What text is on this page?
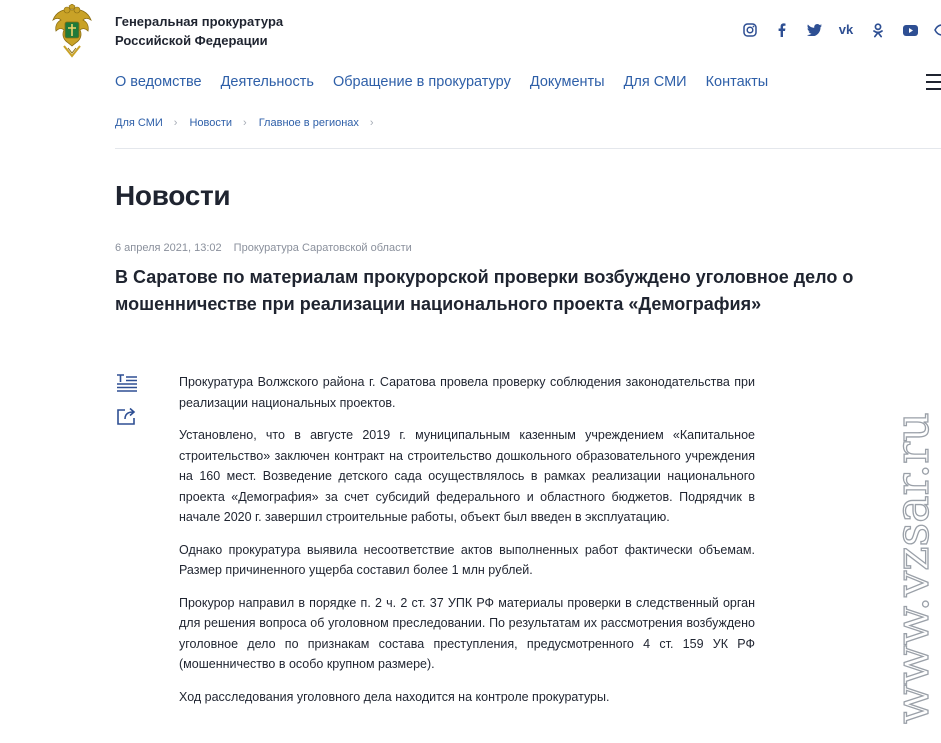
Генеральная прокуратура
Российской Федерации
vk
О ведомстве Деятельность Обращение в прокуратуру Документы Для СМИ Контакты
Для СМИ › Новости › Главное в регионах ›
Новости
6 апреля 2021, 13:02 Прокуратура Саратовской области
В Саратове по материалам прокурорской проверки возбуждено уголовное дело о мошенничестве при реализации национального проекта «Демография»

Прокуратура Волжского района г. Саратова провела проверку соблюдения законодательства при реализации национальных проектов.

Установлено, что в августе 2019 г. муниципальным казенным учреждением «Капитальное строительство» заключен контракт на строительство дошкольного образовательного учреждения на 160 мест. Возведение детского сада осуществлялось в рамках реализации национального проекта «Демография» за счет субсидий федерального и областного бюджетов. Подрядчик в начале 2020 г. завершил строительные работы, объект был введен в эксплуатацию.

Однако прокуратура выявила несоответствие актов выполненных работ фактически объемам. Размер причиненного ущерба составил более 1 млн рублей.

Прокурор направил в порядке п. 2 ч. 2 ст. 37 УПК РФ материалы проверки в следственный орган для решения вопроса об уголовном преследовании. По результатам их рассмотрения возбуждено уголовное дело по признакам состава преступления, предусмотренного 4 ст. 159 УК РФ (мошенничество в особо крупном размере).

Ход расследования уголовного дела находится на контроле прокуратуры.	www.vzsar.ru
